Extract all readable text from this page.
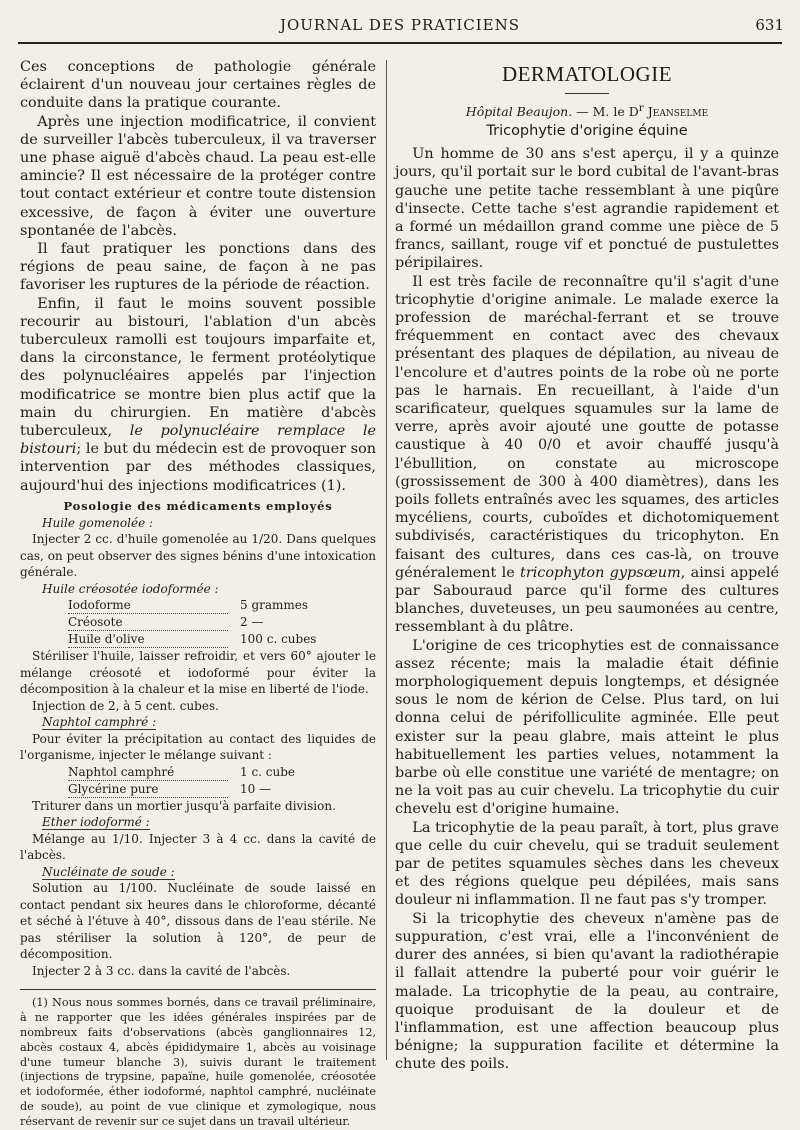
JOURNAL DES PRATICIENS	631

Ces conceptions de pathologie générale éclairent d'un nouveau jour certaines règles de conduite dans la pratique courante.

Après une injection modificatrice, il convient de surveiller l'abcès tuberculeux, il va traverser une phase aiguë d'abcès chaud. La peau est-elle amincie? Il est nécessaire de la protéger contre tout contact extérieur et contre toute distension excessive, de façon à éviter une ouverture spontanée de l'abcès.

Il faut pratiquer les ponctions dans des régions de peau saine, de façon à ne pas favoriser les ruptures de la période de réaction.

Enfin, il faut le moins souvent possible recourir au bistouri, l'ablation d'un abcès tuberculeux ramolli est toujours imparfaite et, dans la circonstance, le ferment protéolytique des polynucléaires appelés par l'injection modificatrice se montre bien plus actif que la main du chirurgien. En matière d'abcès tuberculeux, le polynucléaire remplace le bistouri; le but du médecin est de provoquer son intervention par des méthodes classiques, aujourd'hui des injections modificatrices (1).

Posologie des médicaments employés
Huile gomenolée :

Injecter 2 cc. d'huile gomenolée au 1/20. Dans quelques cas, on peut observer des signes bénins d'une intoxication générale.

Huile créosotée iodoformée :
Iodoforme	5 grammes
Créosote	2 —
Huile d'olive	100 c. cubes

Stériliser l'huile, laisser refroidir, et vers 60° ajouter le mélange créosoté et iodoformé pour éviter la décomposition à la chaleur et la mise en liberté de l'iode.

Injection de 2, à 5 cent. cubes.

Naphtol camphré :

Pour éviter la précipitation au contact des liquides de l'organisme, injecter le mélange suivant :

Naphtol camphré	1 c. cube
Glycérine pure	10 —

Triturer dans un mortier jusqu'à parfaite division.

Ether iodoformé :

Mélange au 1/10. Injecter 3 à 4 cc. dans la cavité de l'abcès.

Nucléinate de soude :

Solution au 1/100. Nucléinate de soude laissé en contact pendant six heures dans le chloroforme, décanté et séché à l'étuve à 40°, dissous dans de l'eau stérile. Ne pas stériliser la solution à 120°, de peur de décomposition.

Injecter 2 à 3 cc. dans la cavité de l'abcès.

(1) Nous nous sommes bornés, dans ce travail préliminaire, à ne rapporter que les idées générales inspirées par de nombreux faits d'observations (abcès ganglionnaires 12, abcès costaux 4, abcès épididymaire 1, abcès au voisinage d'une tumeur blanche 3), suivis durant le traitement (injections de trypsine, papaïne, huile gomenolée, créosotée et iodoformée, éther iodoformé, naphtol camphré, nucléinate de soude), au point de vue clinique et zymologique, nous réservant de revenir sur ce sujet dans un travail ultérieur.

DERMATOLOGIE
Hôpital Beaujon. — M. le $D^r$ Jeanselme
Tricophytie d'origine équine

Un homme de 30 ans s'est aperçu, il y a quinze jours, qu'il portait sur le bord cubital de l'avant-bras gauche une petite tache ressemblant à une piqûre d'insecte. Cette tache s'est agrandie rapidement et a formé un médaillon grand comme une pièce de 5 francs, saillant, rouge vif et ponctué de pustulettes péripilaires.

Il est très facile de reconnaître qu'il s'agit d'une tricophytie d'origine animale. Le malade exerce la profession de maréchal-ferrant et se trouve fréquemment en contact avec des chevaux présentant des plaques de dépilation, au niveau de l'encolure et d'autres points de la robe où ne porte pas le harnais. En recueillant, à l'aide d'un scarificateur, quelques squamules sur la lame de verre, après avoir ajouté une goutte de potasse caustique à 40 0/0 et avoir chauffé jusqu'à l'ébullition, on constate au microscope (grossissement de 300 à 400 diamètres), dans les poils follets entraînés avec les squames, des articles mycéliens, courts, cuboïdes et dichotomiquement subdivisés, caractéristiques du tricophyton. En faisant des cultures, dans ces cas-là, on trouve généralement le tricophyton gypsœum, ainsi appelé par Sabouraud parce qu'il forme des cultures blanches, duveteuses, un peu saumonées au centre, ressemblant à du plâtre.

L'origine de ces tricophyties est de connaissance assez récente; mais la maladie était définie morphologiquement depuis longtemps, et désignée sous le nom de kérion de Celse. Plus tard, on lui donna celui de périfolliculite agminée. Elle peut exister sur la peau glabre, mais atteint le plus habituellement les parties velues, notamment la barbe où elle constitue une variété de mentagre; on ne la voit pas au cuir chevelu. La tricophytie du cuir chevelu est d'origine humaine.

La tricophytie de la peau paraît, à tort, plus grave que celle du cuir chevelu, qui se traduit seulement par de petites squamules sèches dans les cheveux et des régions quelque peu dépilées, mais sans douleur ni inflammation. Il ne faut pas s'y tromper.

Si la tricophytie des cheveux n'amène pas de suppuration, c'est vrai, elle a l'inconvénient de durer des années, si bien qu'avant la radiothérapie il fallait attendre la puberté pour voir guérir le malade. La tricophytie de la peau, au contraire, quoique produisant de la douleur et de l'inflammation, est une affection beaucoup plus bénigne; la suppuration facilite et détermine la chute des poils.
